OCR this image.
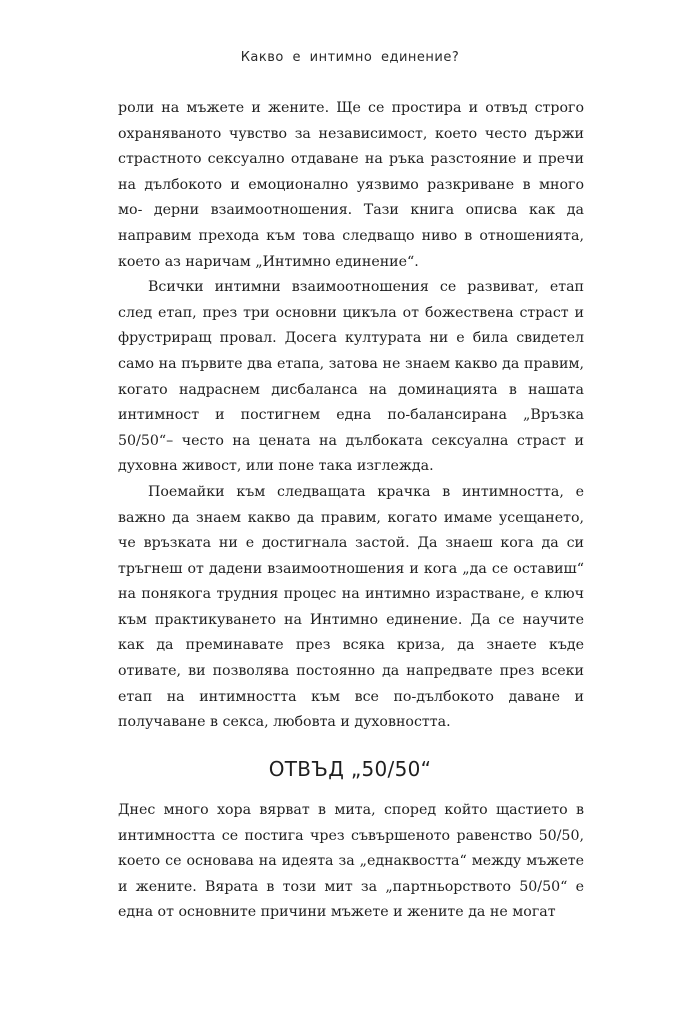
Какво е интимно единение?

роли на мъжете и жените. Ще се простира и отвъд строго охраняваното чувство за независимост, което често държи страстното сексуално отдаване на ръка разстояние и пречи на дълбокото и емоционално уязвимо разкриване в много мо- дерни взаимоотношения. Тази книга описва как да направим прехода към това следващо ниво в отношенията, което аз наричам „Интимно единение“.

Всички интимни взаимоотношения се развиват, етап след етап, през три основни цикъла от божествена страст и фрустриращ провал. Досега културата ни е била свидетел само на първите два етапа, затова не знаем какво да правим, когато надраснем дисбаланса на доминацията в нашата интимност и постигнем една по-балансирана „Връзка 50/50“– често на цената на дълбоката сексуална страст и духовна живост, или поне така изглежда.

Поемайки към следващата крачка в интимността, е важно да знаем какво да правим, когато имаме усещането, че връзката ни е достигнала застой. Да знаеш кога да си тръгнеш от дадени взаимоотношения и кога „да се оставиш“ на понякога трудния процес на интимно израстване, е ключ към практикуването на Интимно единение. Да се научите как да преминавате през всяка криза, да знаете къде отивате, ви позволява постоянно да напредвате през всеки етап на интимността към все по-дълбокото даване и получаване в секса, любовта и духовността.

ОТВЪД „50/50“

Днес много хора вярват в мита, според който щастието в интимността се постига чрез съвършеното равенство 50/50, което се основава на идеята за „еднаквостта“ между мъжете и жените. Вярата в този мит за „партньорството 50/50“ е една от основните причини мъжете и жените да не могат
